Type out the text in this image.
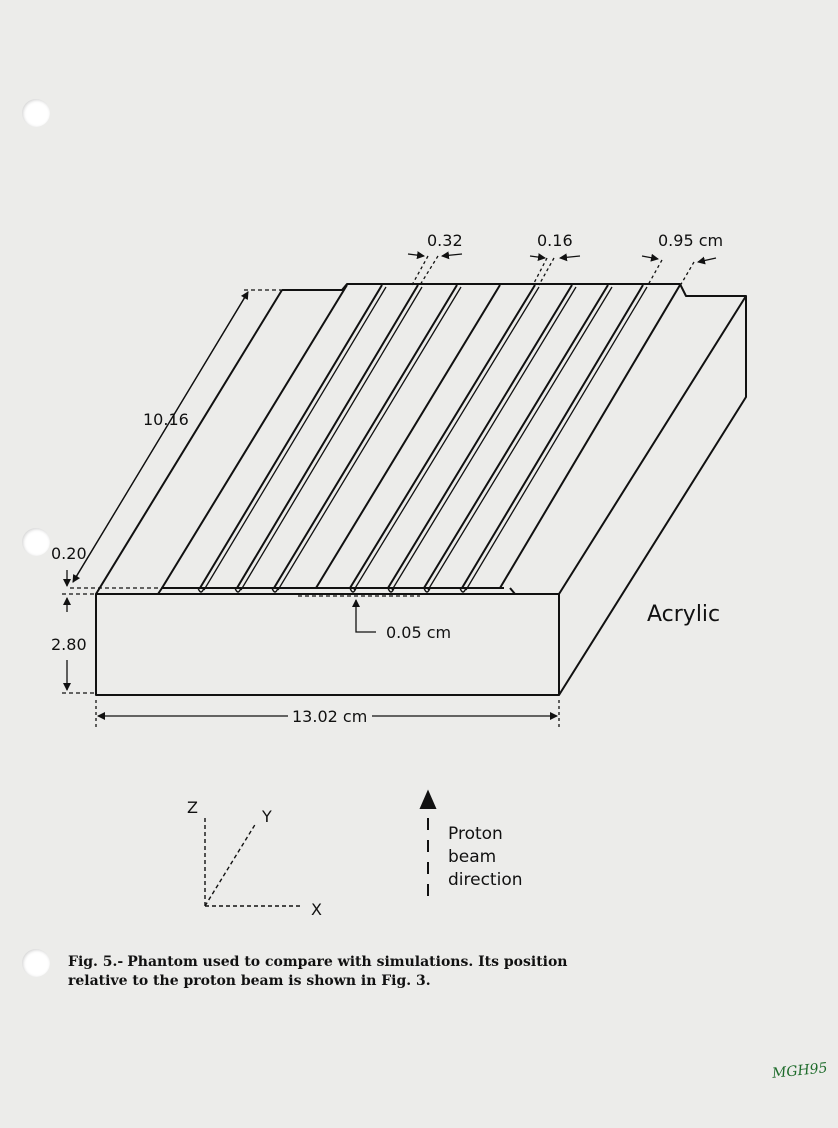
0.32	0.16	0.95 cm
10.16
0.20
2.80
0.05 cm
13.02 cm
Acrylic
Z	Y
X
Proton
beam
direction
Fig. 5.- Phantom used to compare with simulations. Its position relative to the proton beam is shown in Fig. 3.
MGH95
